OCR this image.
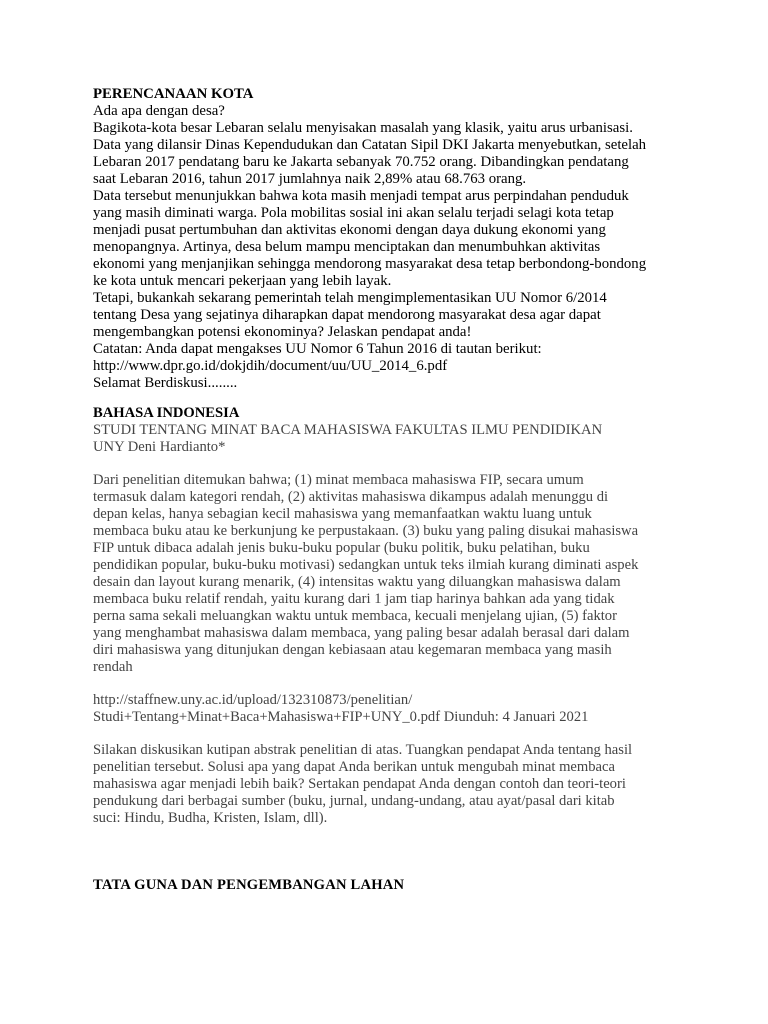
PERENCANAAN KOTA
Ada apa dengan desa?
Bagikota-kota besar Lebaran selalu menyisakan masalah yang klasik, yaitu arus urbanisasi.
Data yang dilansir Dinas Kependudukan dan Catatan Sipil DKI Jakarta menyebutkan, setelah
Lebaran 2017 pendatang baru ke Jakarta sebanyak 70.752 orang. Dibandingkan pendatang
saat Lebaran 2016, tahun 2017 jumlahnya naik 2,89% atau 68.763 orang.
Data tersebut menunjukkan bahwa kota masih menjadi tempat arus perpindahan penduduk
yang masih diminati warga. Pola mobilitas sosial ini akan selalu terjadi selagi kota tetap
menjadi pusat pertumbuhan dan aktivitas ekonomi dengan daya dukung ekonomi yang
menopangnya. Artinya, desa belum mampu menciptakan dan menumbuhkan aktivitas
ekonomi yang menjanjikan sehingga mendorong masyarakat desa tetap berbondong-bondong
ke kota untuk mencari pekerjaan yang lebih layak.
Tetapi, bukankah sekarang pemerintah telah mengimplementasikan UU Nomor 6/2014
tentang Desa yang sejatinya diharapkan dapat mendorong masyarakat desa agar dapat
mengembangkan potensi ekonominya? Jelaskan pendapat anda!
Catatan: Anda dapat mengakses UU Nomor 6 Tahun 2016 di tautan berikut:
http://www.dpr.go.id/dokjdih/document/uu/UU_2014_6.pdf
Selamat Berdiskusi........
BAHASA INDONESIA
STUDI TENTANG MINAT BACA MAHASISWA FAKULTAS ILMU PENDIDIKAN
UNY Deni Hardianto*
Dari penelitian ditemukan bahwa; (1) minat membaca mahasiswa FIP, secara umum
termasuk dalam kategori rendah, (2) aktivitas mahasiswa dikampus adalah menunggu di
depan kelas, hanya sebagian kecil mahasiswa yang memanfaatkan waktu luang untuk
membaca buku atau ke berkunjung ke perpustakaan. (3) buku yang paling disukai mahasiswa
FIP untuk dibaca adalah jenis buku-buku popular (buku politik, buku pelatihan, buku
pendidikan popular, buku-buku motivasi) sedangkan untuk teks ilmiah kurang diminati aspek
desain dan layout kurang menarik, (4) intensitas waktu yang diluangkan mahasiswa dalam
membaca buku relatif rendah, yaitu kurang dari 1 jam tiap harinya bahkan ada yang tidak
perna sama sekali meluangkan waktu untuk membaca, kecuali menjelang ujian, (5) faktor
yang menghambat mahasiswa dalam membaca, yang paling besar adalah berasal dari dalam
diri mahasiswa yang ditunjukan dengan kebiasaan atau kegemaran membaca yang masih
rendah
http://staffnew.uny.ac.id/upload/132310873/penelitian/
Studi+Tentang+Minat+Baca+Mahasiswa+FIP+UNY_0.pdf Diunduh: 4 Januari 2021
Silakan diskusikan kutipan abstrak penelitian di atas. Tuangkan pendapat Anda tentang hasil
penelitian tersebut. Solusi apa yang dapat Anda berikan untuk mengubah minat membaca
mahasiswa agar menjadi lebih baik? Sertakan pendapat Anda dengan contoh dan teori-teori
pendukung dari berbagai sumber (buku, jurnal, undang-undang, atau ayat/pasal dari kitab
suci: Hindu, Budha, Kristen, Islam, dll).
TATA GUNA DAN PENGEMBANGAN LAHAN
